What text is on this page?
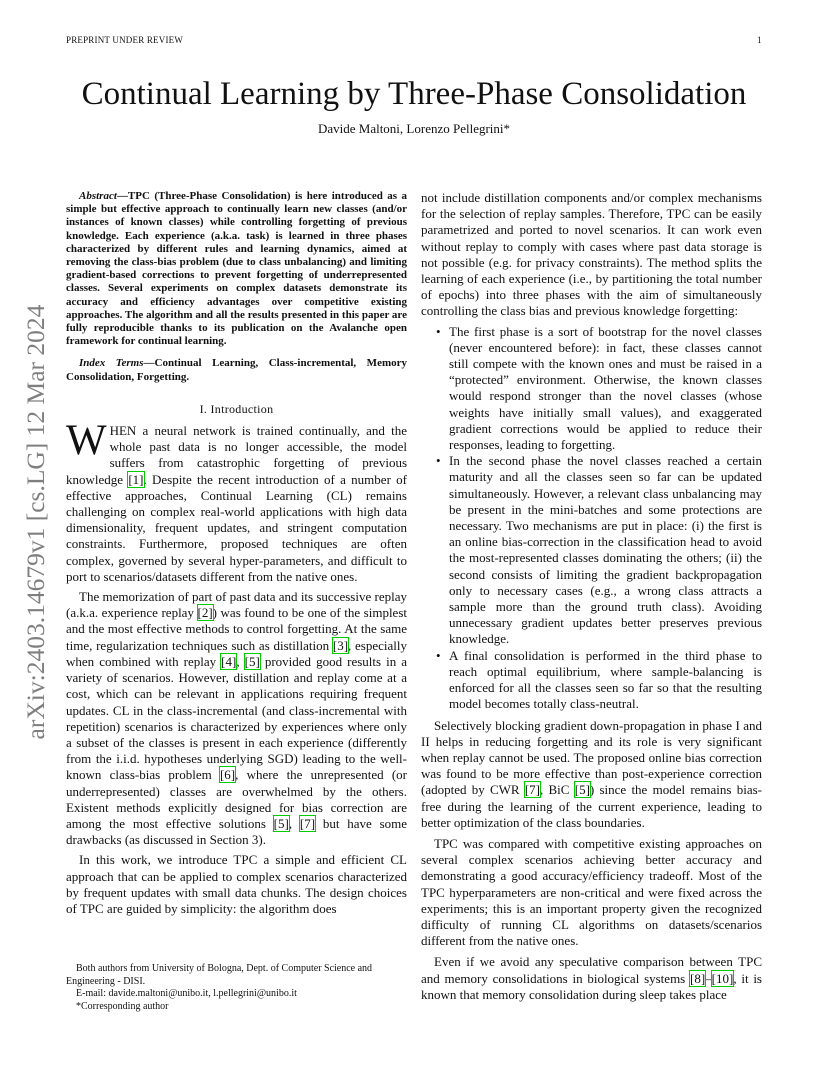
PREPRINT UNDER REVIEW	1
arXiv:2403.14679v1 [cs.LG] 12 Mar 2024
Continual Learning by Three-Phase Consolidation
Davide Maltoni, Lorenzo Pellegrini*

Abstract—TPC (Three-Phase Consolidation) is here introduced as a simple but effective approach to continually learn new classes (and/or instances of known classes) while controlling forgetting of previous knowledge. Each experience (a.k.a. task) is learned in three phases characterized by different rules and learning dynamics, aimed at removing the class-bias problem (due to class unbalancing) and limiting gradient-based corrections to prevent forgetting of underrepresented classes. Several experiments on complex datasets demonstrate its accuracy and efficiency advantages over competitive existing approaches. The algorithm and all the results presented in this paper are fully reproducible thanks to its publication on the Avalanche open framework for continual learning.

Index Terms—Continual Learning, Class-incremental, Memory Consolidation, Forgetting.

I. Introduction

WHEN a neural network is trained continually, and the whole past data is no longer accessible, the model suffers from catastrophic forgetting of previous knowledge [1]. Despite the recent introduction of a number of effective approaches, Continual Learning (CL) remains challenging on complex real-world applications with high data dimensionality, frequent updates, and stringent computation constraints. Furthermore, proposed techniques are often complex, governed by several hyper-parameters, and difficult to port to scenarios/datasets different from the native ones.

The memorization of part of past data and its successive replay (a.k.a. experience replay [2]) was found to be one of the simplest and the most effective methods to control forgetting. At the same time, regularization techniques such as distillation [3], especially when combined with replay [4], [5] provided good results in a variety of scenarios. However, distillation and replay come at a cost, which can be relevant in applications requiring frequent updates. CL in the class-incremental (and class-incremental with repetition) scenarios is characterized by experiences where only a subset of the classes is present in each experience (differently from the i.i.d. hypotheses underlying SGD) leading to the well-known class-bias problem [6], where the unrepresented (or underrepresented) classes are overwhelmed by the others. Existent methods explicitly designed for bias correction are among the most effective solutions [5], [7] but have some drawbacks (as discussed in Section 3).

In this work, we introduce TPC a simple and efficient CL approach that can be applied to complex scenarios characterized by frequent updates with small data chunks. The design choices of TPC are guided by simplicity: the algorithm does

Both authors from University of Bologna, Dept. of Computer Science and Engineering - DISI.

E-mail: davide.maltoni@unibo.it, l.pellegrini@unibo.it

*Corresponding author

not include distillation components and/or complex mechanisms for the selection of replay samples. Therefore, TPC can be easily parametrized and ported to novel scenarios. It can work even without replay to comply with cases where past data storage is not possible (e.g. for privacy constraints). The method splits the learning of each experience (i.e., by partitioning the total number of epochs) into three phases with the aim of simultaneously controlling the class bias and previous knowledge forgetting:

• The first phase is a sort of bootstrap for the novel classes (never encountered before): in fact, these classes cannot still compete with the known ones and must be raised in a “protected” environment. Otherwise, the known classes would respond stronger than the novel classes (whose weights have initially small values), and exaggerated gradient corrections would be applied to reduce their responses, leading to forgetting.
• In the second phase the novel classes reached a certain maturity and all the classes seen so far can be updated simultaneously. However, a relevant class unbalancing may be present in the mini-batches and some protections are necessary. Two mechanisms are put in place: (i) the first is an online bias-correction in the classification head to avoid the most-represented classes dominating the others; (ii) the second consists of limiting the gradient backpropagation only to necessary cases (e.g., a wrong class attracts a sample more than the ground truth class). Avoiding unnecessary gradient updates better preserves previous knowledge.
• A final consolidation is performed in the third phase to reach optimal equilibrium, where sample-balancing is enforced for all the classes seen so far so that the resulting model becomes totally class-neutral.

Selectively blocking gradient down-propagation in phase I and II helps in reducing forgetting and its role is very significant when replay cannot be used. The proposed online bias correction was found to be more effective than post-experience correction (adopted by CWR [7], BiC [5]) since the model remains bias-free during the learning of the current experience, leading to better optimization of the class boundaries.

TPC was compared with competitive existing approaches on several complex scenarios achieving better accuracy and demonstrating a good accuracy/efficiency tradeoff. Most of the TPC hyperparameters are non-critical and were fixed across the experiments; this is an important property given the recognized difficulty of running CL algorithms on datasets/scenarios different from the native ones.

Even if we avoid any speculative comparison between TPC and memory consolidations in biological systems [8]–[10], it is known that memory consolidation during sleep takes place
